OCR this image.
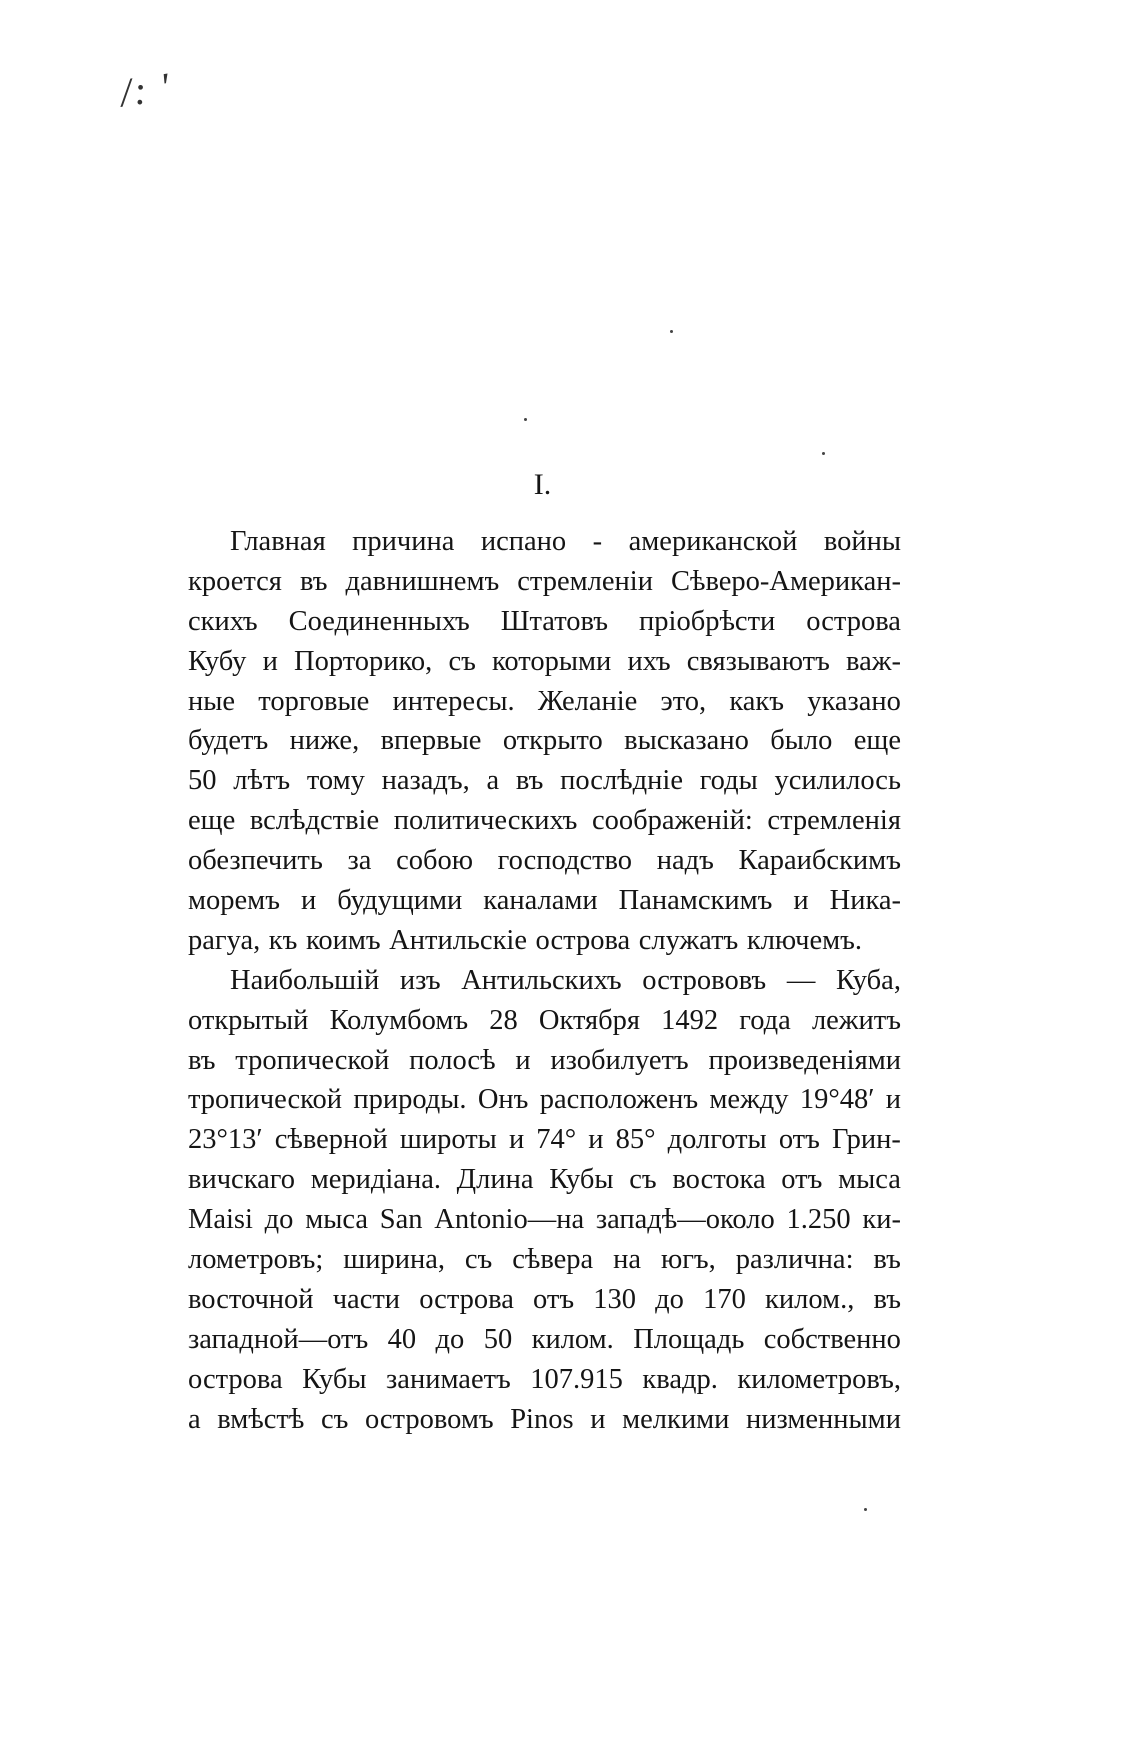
/: '
I.
Главная причина испано - американской войны
кроется въ давнишнемъ стремленіи Сѣверо-Американ-
скихъ Соединенныхъ Штатовъ пріобрѣсти острова
Кубу и Порторико, съ которыми ихъ связываютъ важ-
ные торговые интересы. Желаніе это, какъ указано
будетъ ниже, впервые открыто высказано было еще
50 лѣтъ тому назадъ, а въ послѣдніе годы усилилось
еще вслѣдствіе политическихъ соображеній: стремленія
обезпечить за собою господство надъ Караибскимъ
моремъ и будущими каналами Панамскимъ и Ника-
рагуа, къ коимъ Антильскіе острова служатъ ключемъ.
Наибольшій изъ Антильскихъ острововъ — Куба,
открытый Колумбомъ 28 Октября 1492 года лежитъ
въ тропической полосѣ и изобилуетъ произведеніями
тропической природы. Онъ расположенъ между 19°48′ и
23°13′ сѣверной широты и 74° и 85° долготы отъ Грин-
вичскаго меридіана. Длина Кубы съ востока отъ мыса
Maisi до мыса San Antonio—на западѣ—около 1.250 ки-
лометровъ; ширина, съ сѣвера на югъ, различна: въ
восточной части острова отъ 130 до 170 килом., въ
западной—отъ 40 до 50 килом. Площадь собственно
острова Кубы занимаетъ 107.915 квадр. километровъ,
а вмѣстѣ съ островомъ Pinos и мелкими низменными
